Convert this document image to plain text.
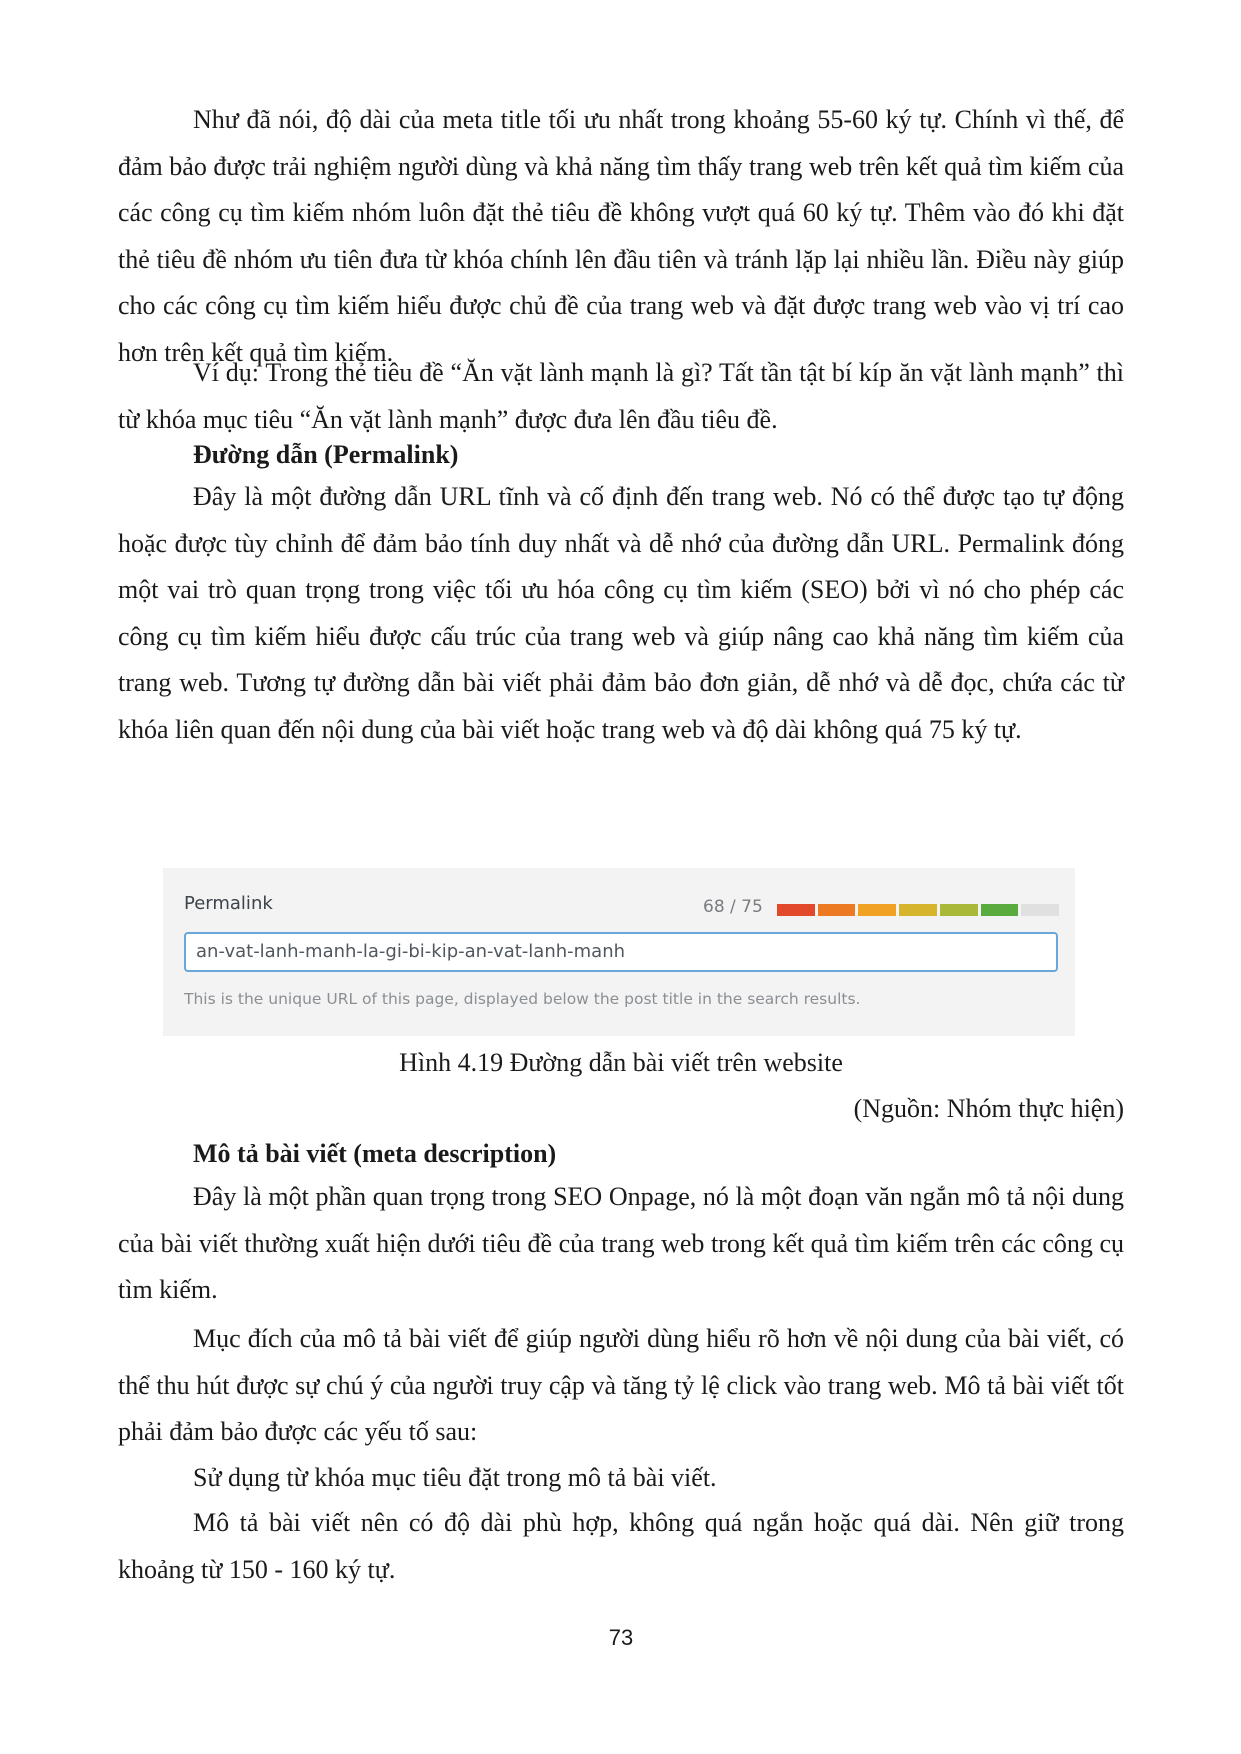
Như đã nói, độ dài của meta title tối ưu nhất trong khoảng 55-60 ký tự. Chính vì thế, để đảm bảo được trải nghiệm người dùng và khả năng tìm thấy trang web trên kết quả tìm kiếm của các công cụ tìm kiếm nhóm luôn đặt thẻ tiêu đề không vượt quá 60 ký tự. Thêm vào đó khi đặt thẻ tiêu đề nhóm ưu tiên đưa từ khóa chính lên đầu tiên và tránh lặp lại nhiều lần. Điều này giúp cho các công cụ tìm kiếm hiểu được chủ đề của trang web và đặt được trang web vào vị trí cao hơn trên kết quả tìm kiếm.

Ví dụ: Trong thẻ tiêu đề “Ăn vặt lành mạnh là gì? Tất tần tật bí kíp ăn vặt lành mạnh” thì từ khóa mục tiêu “Ăn vặt lành mạnh” được đưa lên đầu tiêu đề.

Đường dẫn (Permalink)

Đây là một đường dẫn URL tĩnh và cố định đến trang web. Nó có thể được tạo tự động hoặc được tùy chỉnh để đảm bảo tính duy nhất và dễ nhớ của đường dẫn URL. Permalink đóng một vai trò quan trọng trong việc tối ưu hóa công cụ tìm kiếm (SEO) bởi vì nó cho phép các công cụ tìm kiếm hiểu được cấu trúc của trang web và giúp nâng cao khả năng tìm kiếm của trang web. Tương tự đường dẫn bài viết phải đảm bảo đơn giản, dễ nhớ và dễ đọc, chứa các từ khóa liên quan đến nội dung của bài viết hoặc trang web và độ dài không quá 75 ký tự.

Permalink	68 / 75
an-vat-lanh-manh-la-gi-bi-kip-an-vat-lanh-manh
This is the unique URL of this page, displayed below the post title in the search results.

Hình 4.19 Đường dẫn bài viết trên website

(Nguồn: Nhóm thực hiện)

Mô tả bài viết (meta description)

Đây là một phần quan trọng trong SEO Onpage, nó là một đoạn văn ngắn mô tả nội dung của bài viết thường xuất hiện dưới tiêu đề của trang web trong kết quả tìm kiếm trên các công cụ tìm kiếm.

Mục đích của mô tả bài viết để giúp người dùng hiểu rõ hơn về nội dung của bài viết, có thể thu hút được sự chú ý của người truy cập và tăng tỷ lệ click vào trang web. Mô tả bài viết tốt phải đảm bảo được các yếu tố sau:

Sử dụng từ khóa mục tiêu đặt trong mô tả bài viết.

Mô tả bài viết nên có độ dài phù hợp, không quá ngắn hoặc quá dài. Nên giữ trong khoảng từ 150 - 160 ký tự.

73
